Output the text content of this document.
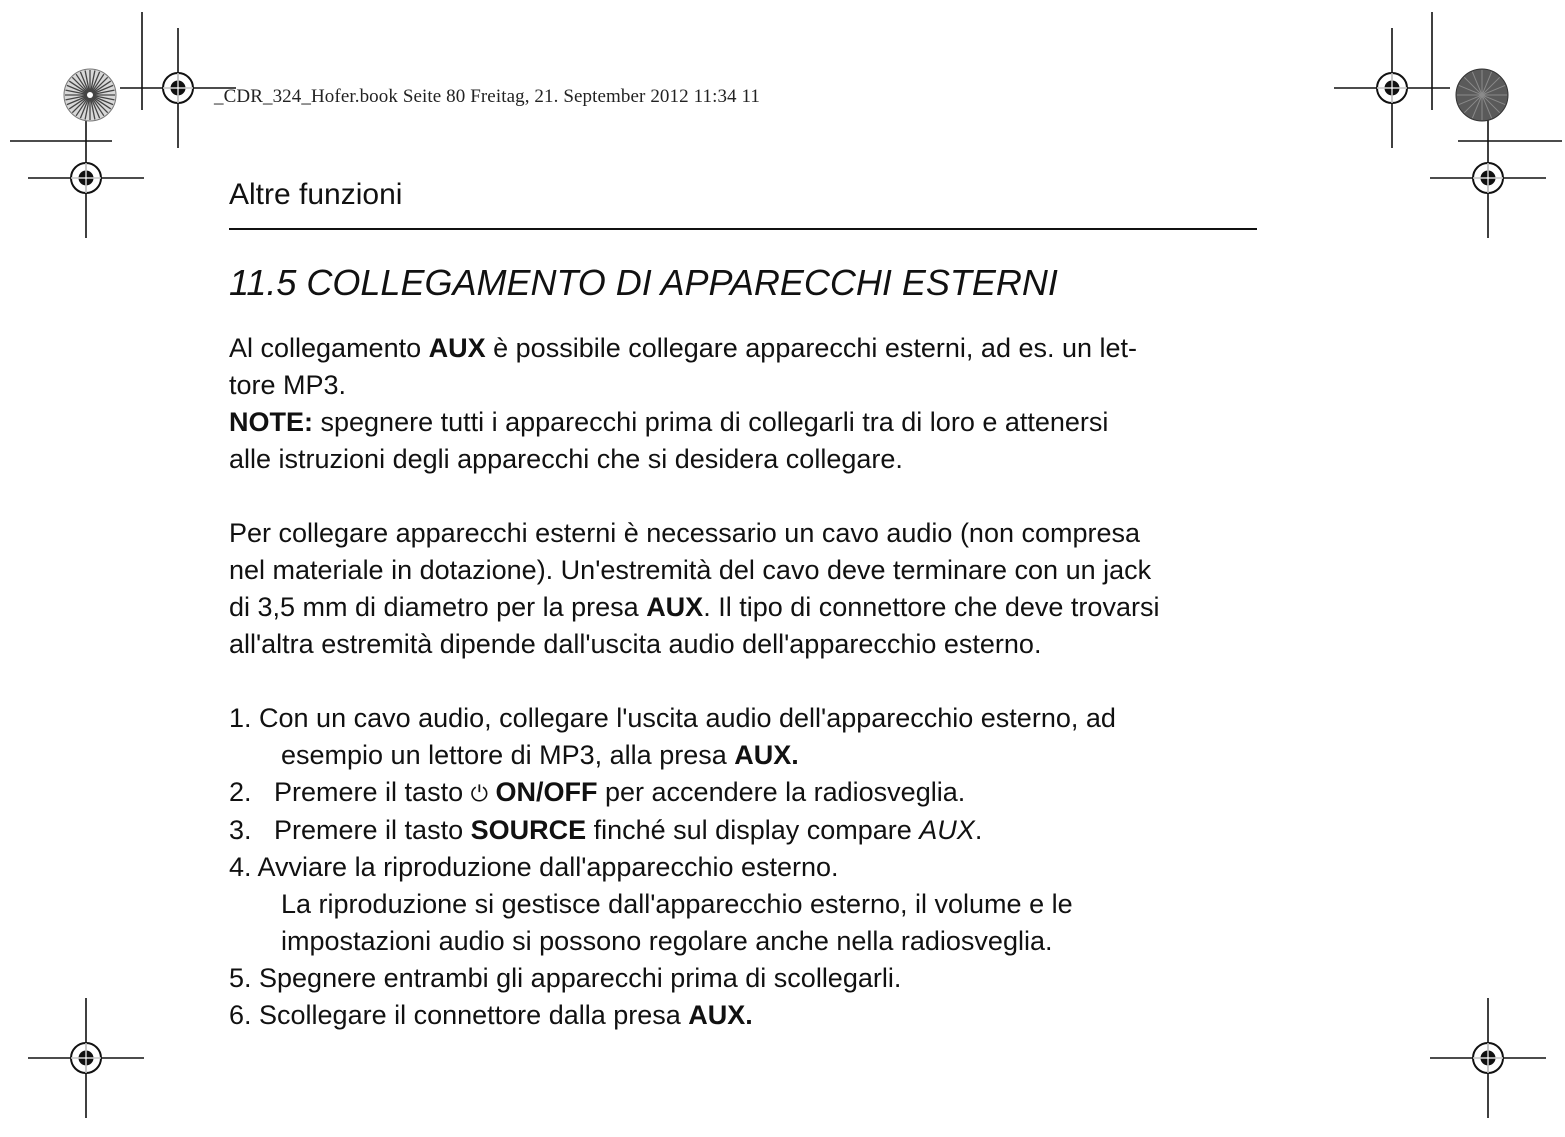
_CDR_324_Hofer.book Seite 80 Freitag, 21. September 2012 11:34 11
Altre funzioni
11.5 COLLEGAMENTO DI APPARECCHI ESTERNI

Al collegamento AUX è possibile collegare apparecchi esterni, ad es. un let-
tore MP3.

NOTE: spegnere tutti i apparecchi prima di collegarli tra di loro e attenersi
alle istruzioni degli apparecchi che si desidera collegare.

Per collegare apparecchi esterni è necessario un cavo audio (non compresa
nel materiale in dotazione). Un'estremità del cavo deve terminare con un jack
di 3,5 mm di diametro per la presa AUX. Il tipo di connettore che deve trovarsi
all'altra estremità dipende dall'uscita audio dell'apparecchio esterno.

1. Con un cavo audio, collegare l'uscita audio dell'apparecchio esterno, ad
esempio un lettore di MP3, alla presa AUX.
2.   Premere il tasto ⏻ ON/OFF per accendere la radiosveglia.
3.   Premere il tasto SOURCE finché sul display compare AUX.
4. Avviare la riproduzione dall'apparecchio esterno.
La riproduzione si gestisce dall'apparecchio esterno, il volume e le
impostazioni audio si possono regolare anche nella radiosveglia.
5. Spegnere entrambi gli apparecchi prima di scollegarli.
6. Scollegare il connettore dalla presa AUX.
